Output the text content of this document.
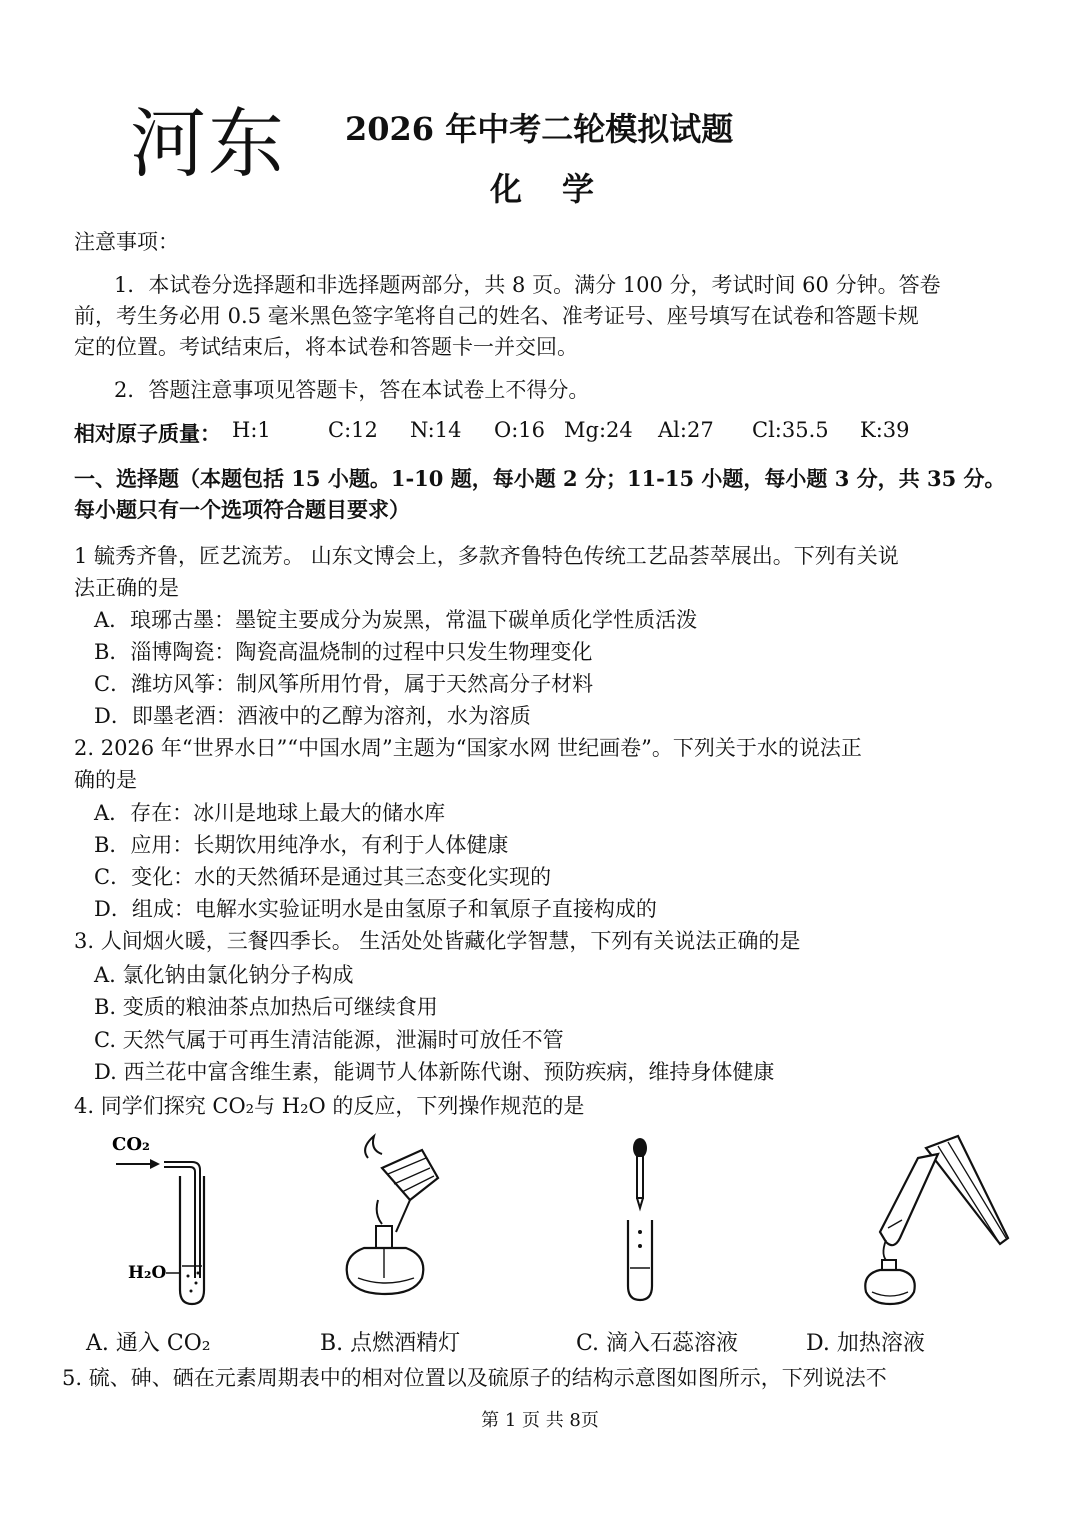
河东 2026 年中考二轮模拟试题
化学
注意事项：
1．本试卷分选择题和非选择题两部分，共 8 页。满分 100 分，考试时间 60 分钟。答卷
前，考生务必用 0.5 毫米黑色签字笔将自己的姓名、准考证号、座号填写在试卷和答题卡规
定的位置。考试结束后，将本试卷和答题卡一并交回。
2．答题注意事项见答题卡，答在本试卷上不得分。
相对原子质量： H:1	C:12 N:14 O:16 Mg:24 Al:27 Cl:35.5 K:39
一、选择题（本题包括 15 小题。1-10 题，每小题 2 分；11-15 小题，每小题 3 分，共 35 分。
每小题只有一个选项符合题目要求）
1 毓秀齐鲁，匠艺流芳。 山东文博会上，多款齐鲁特色传统工艺品荟萃展出。下列有关说
法正确的是
A．琅琊古墨：墨锭主要成分为炭黑，常温下碳单质化学性质活泼
B．淄博陶瓷：陶瓷高温烧制的过程中只发生物理变化
C．潍坊风筝：制风筝所用竹骨，属于天然高分子材料
D．即墨老酒：酒液中的乙醇为溶剂，水为溶质
2. 2026 年“世界水日”“中国水周”主题为“国家水网 世纪画卷”。下列关于水的说法正
确的是
A．存在：冰川是地球上最大的储水库
B．应用：长期饮用纯净水，有利于人体健康
C．变化：水的天然循环是通过其三态变化实现的
D．组成：电解水实验证明水是由氢原子和氧原子直接构成的
3. 人间烟火暖，三餐四季长。 生活处处皆藏化学智慧，下列有关说法正确的是
A. 氯化钠由氯化钠分子构成
B. 变质的粮油茶点加热后可继续食用
C. 天然气属于可再生清洁能源，泄漏时可放任不管
D. 西兰花中富含维生素，能调节人体新陈代谢、预防疾病，维持身体健康
4. 同学们探究 CO₂与 H₂O 的反应，下列操作规范的是
CO₂
H₂O
A. 通入 CO₂	B. 点燃酒精灯	C. 滴入石蕊溶液	D. 加热溶液
5. 硫、砷、硒在元素周期表中的相对位置以及硫原子的结构示意图如图所示，下列说法不
第 1 页 共 8页
